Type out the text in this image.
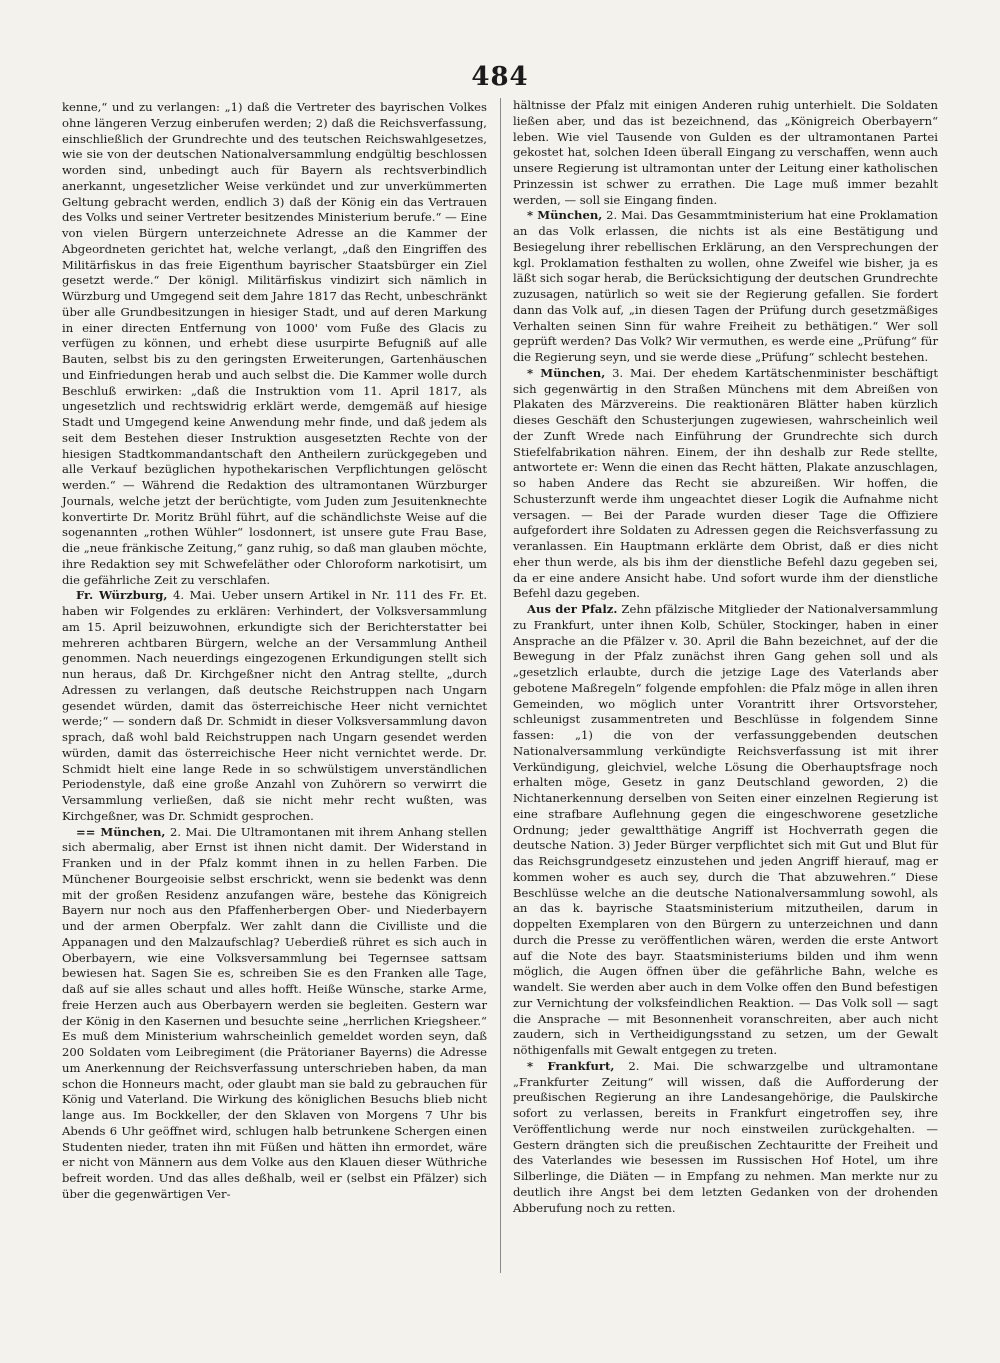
484

kenne,“ und zu verlangen: „1) daß die Vertreter des bayrischen Volkes ohne längeren Verzug einberufen werden; 2) daß die Reichsverfassung, einschließlich der Grundrechte und des teutschen Reichswahlgesetzes, wie sie von der deutschen Nationalversammlung endgültig beschlossen worden sind, unbedingt auch für Bayern als rechtsverbindlich anerkannt, ungesetzlicher Weise verkündet und zur unverkümmerten Geltung gebracht werden, endlich 3) daß der König ein das Vertrauen des Volks und seiner Vertreter besitzendes Ministerium berufe.“ — Eine von vielen Bürgern unterzeichnete Adresse an die Kammer der Abgeordneten gerichtet hat, welche verlangt, „daß den Eingriffen des Militärfiskus in das freie Eigenthum bayrischer Staatsbürger ein Ziel gesetzt werde.“ Der königl. Militärfiskus vindizirt sich nämlich in Würzburg und Umgegend seit dem Jahre 1817 das Recht, unbeschränkt über alle Grundbesitzungen in hiesiger Stadt, und auf deren Markung in einer directen Entfernung von 1000' vom Fuße des Glacis zu verfügen zu können, und erhebt diese usurpirte Befugniß auf alle Bauten, selbst bis zu den geringsten Erweiterungen, Gartenhäuschen und Einfriedungen herab und auch selbst die. Die Kammer wolle durch Beschluß erwirken: „daß die Instruktion vom 11. April 1817, als ungesetzlich und rechtswidrig erklärt werde, demgemäß auf hiesige Stadt und Umgegend keine Anwendung mehr finde, und daß jedem als seit dem Bestehen dieser Instruktion ausgesetzten Rechte von der hiesigen Stadtkommandantschaft den Antheilern zurückgegeben und alle Verkauf bezüglichen hypothekarischen Verpflichtungen gelöscht werden.“ — Während die Redaktion des ultramontanen Würzburger Journals, welche jetzt der berüchtigte, vom Juden zum Jesuitenknechte konvertirte Dr. Moritz Brühl führt, auf die schändlichste Weise auf die sogenannten „rothen Wühler“ losdonnert, ist unsere gute Frau Base, die „neue fränkische Zeitung,“ ganz ruhig, so daß man glauben möchte, ihre Redaktion sey mit Schwefeläther oder Chloroform narkotisirt, um die gefährliche Zeit zu verschlafen.

Fr. Würzburg, 4. Mai. Ueber unsern Artikel in Nr. 111 des Fr. Et. haben wir Folgendes zu erklären: Verhindert, der Volksversammlung am 15. April beizuwohnen, erkundigte sich der Berichterstatter bei mehreren achtbaren Bürgern, welche an der Versammlung Antheil genommen. Nach neuerdings eingezogenen Erkundigungen stellt sich nun heraus, daß Dr. Kirchgeßner nicht den Antrag stellte, „durch Adressen zu verlangen, daß deutsche Reichstruppen nach Ungarn gesendet würden, damit das österreichische Heer nicht vernichtet werde;“ — sondern daß Dr. Schmidt in dieser Volksversammlung davon sprach, daß wohl bald Reichstruppen nach Ungarn gesendet werden würden, damit das österreichische Heer nicht vernichtet werde. Dr. Schmidt hielt eine lange Rede in so schwülstigem unverständlichen Periodenstyle, daß eine große Anzahl von Zuhörern so verwirrt die Versammlung verließen, daß sie nicht mehr recht wußten, was Kirchgeßner, was Dr. Schmidt gesprochen.

== München, 2. Mai. Die Ultramontanen mit ihrem Anhang stellen sich abermalig, aber Ernst ist ihnen nicht damit. Der Widerstand in Franken und in der Pfalz kommt ihnen in zu hellen Farben. Die Münchener Bourgeoisie selbst erschrickt, wenn sie bedenkt was denn mit der großen Residenz anzufangen wäre, bestehe das Königreich Bayern nur noch aus den Pfaffenherbergen Ober- und Niederbayern und der armen Oberpfalz. Wer zahlt dann die Civilliste und die Appanagen und den Malzaufschlag? Ueberdieß rühret es sich auch in Oberbayern, wie eine Volksversammlung bei Tegernsee sattsam bewiesen hat. Sagen Sie es, schreiben Sie es den Franken alle Tage, daß auf sie alles schaut und alles hofft. Heiße Wünsche, starke Arme, freie Herzen auch aus Oberbayern werden sie begleiten. Gestern war der König in den Kasernen und besuchte seine „herrlichen Kriegsheer.“ Es muß dem Ministerium wahrscheinlich gemeldet worden seyn, daß 200 Soldaten vom Leibregiment (die Prätorianer Bayerns) die Adresse um Anerkennung der Reichsverfassung unterschrieben haben, da man schon die Honneurs macht, oder glaubt man sie bald zu gebrauchen für König und Vaterland. Die Wirkung des königlichen Besuchs blieb nicht lange aus. Im Bockkeller, der den Sklaven von Morgens 7 Uhr bis Abends 6 Uhr geöffnet wird, schlugen halb betrunkene Schergen einen Studenten nieder, traten ihn mit Füßen und hätten ihn ermordet, wäre er nicht von Männern aus dem Volke aus den Klauen dieser Wüthriche befreit worden. Und das alles deßhalb, weil er (selbst ein Pfälzer) sich über die gegenwärtigen Ver-

hältnisse der Pfalz mit einigen Anderen ruhig unterhielt. Die Soldaten ließen aber, und das ist bezeichnend, das „Königreich Oberbayern“ leben. Wie viel Tausende von Gulden es der ultramontanen Partei gekostet hat, solchen Ideen überall Eingang zu verschaffen, wenn auch unsere Regierung ist ultramontan unter der Leitung einer katholischen Prinzessin ist schwer zu errathen. Die Lage muß immer bezahlt werden, — soll sie Eingang finden.

* München, 2. Mai. Das Gesammtministerium hat eine Proklamation an das Volk erlassen, die nichts ist als eine Bestätigung und Besiegelung ihrer rebellischen Erklärung, an den Versprechungen der kgl. Proklamation festhalten zu wollen, ohne Zweifel wie bisher, ja es läßt sich sogar herab, die Berücksichtigung der deutschen Grundrechte zuzusagen, natürlich so weit sie der Regierung gefallen. Sie fordert dann das Volk auf, „in diesen Tagen der Prüfung durch gesetzmäßiges Verhalten seinen Sinn für wahre Freiheit zu bethätigen.“ Wer soll geprüft werden? Das Volk? Wir vermuthen, es werde eine „Prüfung“ für die Regierung seyn, und sie werde diese „Prüfung“ schlecht bestehen.

* München, 3. Mai. Der ehedem Kartätschenminister beschäftigt sich gegenwärtig in den Straßen Münchens mit dem Abreißen von Plakaten des Märzvereins. Die reaktionären Blätter haben kürzlich dieses Geschäft den Schusterjungen zugewiesen, wahrscheinlich weil der Zunft Wrede nach Einführung der Grundrechte sich durch Stiefelfabrikation nähren. Einem, der ihn deshalb zur Rede stellte, antwortete er: Wenn die einen das Recht hätten, Plakate anzuschlagen, so haben Andere das Recht sie abzureißen. Wir hoffen, die Schusterzunft werde ihm ungeachtet dieser Logik die Aufnahme nicht versagen. — Bei der Parade wurden dieser Tage die Offiziere aufgefordert ihre Soldaten zu Adressen gegen die Reichsverfassung zu veranlassen. Ein Hauptmann erklärte dem Obrist, daß er dies nicht eher thun werde, als bis ihm der dienstliche Befehl dazu gegeben sei, da er eine andere Ansicht habe. Und sofort wurde ihm der dienstliche Befehl dazu gegeben.

Aus der Pfalz. Zehn pfälzische Mitglieder der Nationalversammlung zu Frankfurt, unter ihnen Kolb, Schüler, Stockinger, haben in einer Ansprache an die Pfälzer v. 30. April die Bahn bezeichnet, auf der die Bewegung in der Pfalz zunächst ihren Gang gehen soll und als „gesetzlich erlaubte, durch die jetzige Lage des Vaterlands aber gebotene Maßregeln“ folgende empfohlen: die Pfalz möge in allen ihren Gemeinden, wo möglich unter Vorantritt ihrer Ortsvorsteher, schleunigst zusammentreten und Beschlüsse in folgendem Sinne fassen: „1) die von der verfassunggebenden deutschen Nationalversammlung verkündigte Reichsverfassung ist mit ihrer Verkündigung, gleichviel, welche Lösung die Oberhauptsfrage noch erhalten möge, Gesetz in ganz Deutschland geworden, 2) die Nichtanerkennung derselben von Seiten einer einzelnen Regierung ist eine strafbare Auflehnung gegen die eingeschworene gesetzliche Ordnung; jeder gewaltthätige Angriff ist Hochverrath gegen die deutsche Nation. 3) Jeder Bürger verpflichtet sich mit Gut und Blut für das Reichsgrundgesetz einzustehen und jeden Angriff hierauf, mag er kommen woher es auch sey, durch die That abzuwehren.“ Diese Beschlüsse welche an die deutsche Nationalversammlung sowohl, als an das k. bayrische Staatsministerium mitzutheilen, darum in doppelten Exemplaren von den Bürgern zu unterzeichnen und dann durch die Presse zu veröffentlichen wären, werden die erste Antwort auf die Note des bayr. Staatsministeriums bilden und ihm wenn möglich, die Augen öffnen über die gefährliche Bahn, welche es wandelt. Sie werden aber auch in dem Volke offen den Bund befestigen zur Vernichtung der volksfeindlichen Reaktion. — Das Volk soll — sagt die Ansprache — mit Besonnenheit voranschreiten, aber auch nicht zaudern, sich in Vertheidigungsstand zu setzen, um der Gewalt nöthigenfalls mit Gewalt entgegen zu treten.

* Frankfurt, 2. Mai. Die schwarzgelbe und ultramontane „Frankfurter Zeitung“ will wissen, daß die Aufforderung der preußischen Regierung an ihre Landesangehörige, die Paulskirche sofort zu verlassen, bereits in Frankfurt eingetroffen sey, ihre Veröffentlichung werde nur noch einstweilen zurückgehalten. — Gestern drängten sich die preußischen Zechtauritte der Freiheit und des Vaterlandes wie besessen im Russischen Hof Hotel, um ihre Silberlinge, die Diäten — in Empfang zu nehmen. Man merkte nur zu deutlich ihre Angst bei dem letzten Gedanken von der drohenden Abberufung noch zu retten.
